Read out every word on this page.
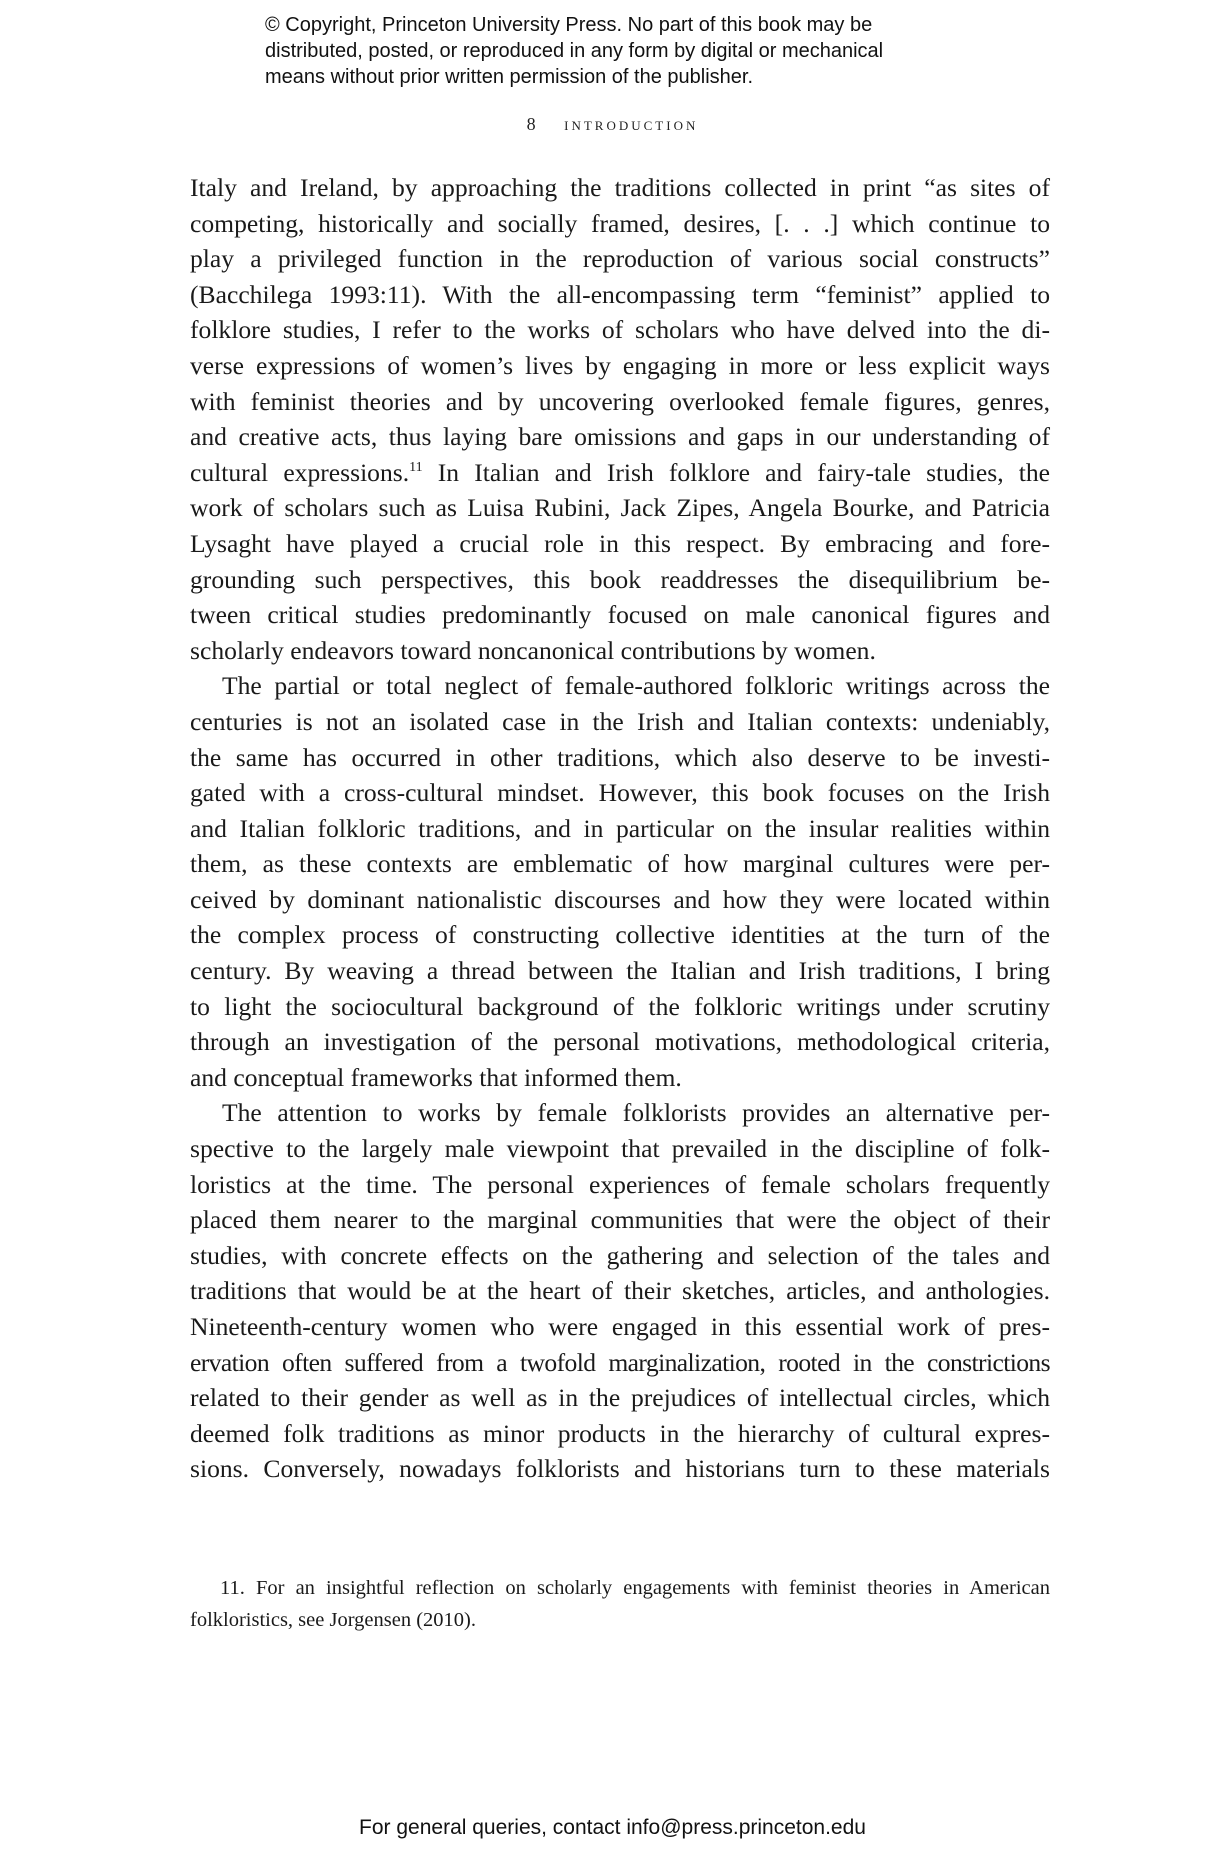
© Copyright, Princeton University Press. No part of this book may be
distributed, posted, or reproduced in any form by digital or mechanical
means without prior written permission of the publisher.
8 introduction
Italy and Ireland, by approaching the traditions collected in print “as sites of
competing, historically and socially framed, desires, [. . .] which continue to
play a privileged function in the reproduction of various social constructs”
(Bacchilega 1993:11). With the all-encompassing term “feminist” applied to
folklore studies, I refer to the works of scholars who have delved into the di-
verse expressions of women’s lives by engaging in more or less explicit ways
with feminist theories and by uncovering overlooked female figures, genres,
and creative acts, thus laying bare omissions and gaps in our understanding of
cultural expressions.$^{11}$ In Italian and Irish folklore and fairy-tale studies, the
work of scholars such as Luisa Rubini, Jack Zipes, Angela Bourke, and Patricia
Lysaght have played a crucial role in this respect. By embracing and fore-
grounding such perspectives, this book readdresses the disequilibrium be-
tween critical studies predominantly focused on male canonical figures and
scholarly endeavors toward noncanonical contributions by women.
The partial or total neglect of female-authored folkloric writings across the
centuries is not an isolated case in the Irish and Italian contexts: undeniably,
the same has occurred in other traditions, which also deserve to be investi-
gated with a cross-cultural mindset. However, this book focuses on the Irish
and Italian folkloric traditions, and in particular on the insular realities within
them, as these contexts are emblematic of how marginal cultures were per-
ceived by dominant nationalistic discourses and how they were located within
the complex process of constructing collective identities at the turn of the
century. By weaving a thread between the Italian and Irish traditions, I bring
to light the sociocultural background of the folkloric writings under scrutiny
through an investigation of the personal motivations, methodological criteria,
and conceptual frameworks that informed them.
The attention to works by female folklorists provides an alternative per-
spective to the largely male viewpoint that prevailed in the discipline of folk-
loristics at the time. The personal experiences of female scholars frequently
placed them nearer to the marginal communities that were the object of their
studies, with concrete effects on the gathering and selection of the tales and
traditions that would be at the heart of their sketches, articles, and anthologies.
Nineteenth-century women who were engaged in this essential work of pres-
ervation often suffered from a twofold marginalization, rooted in the constrictions
related to their gender as well as in the prejudices of intellectual circles, which
deemed folk traditions as minor products in the hierarchy of cultural expres-
sions. Conversely, nowadays folklorists and historians turn to these materials
11. For an insightful reflection on scholarly engagements with feminist theories in American
folkloristics, see Jorgensen (2010).
For general queries, contact info@press.princeton.edu
